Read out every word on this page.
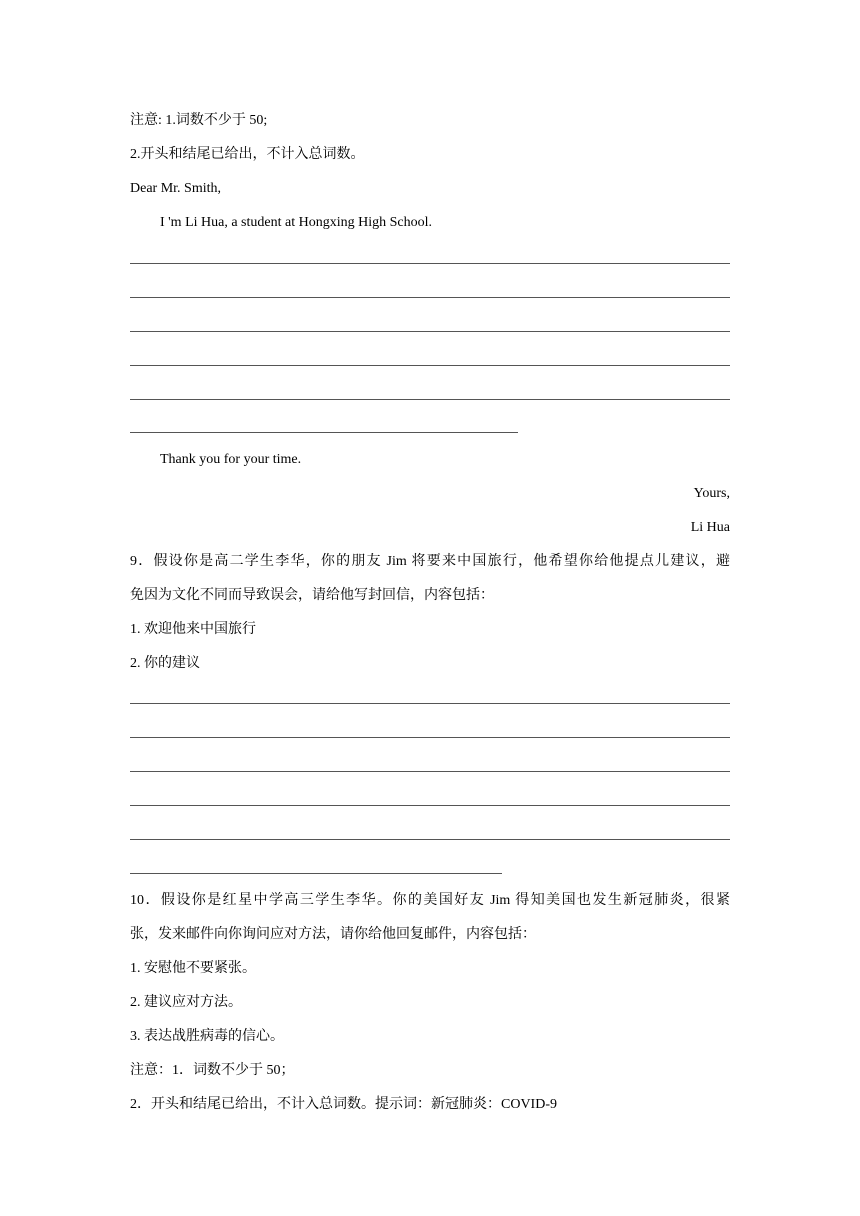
注意: 1.词数不少于 50;
2.开头和结尾已给出，不计入总词数。
Dear Mr. Smith,
I 'm Li Hua, a student at Hongxing High School.
Thank you for your time.
Yours,
Li Hua
9．假设你是高二学生李华，你的朋友 Jim 将要来中国旅行，他希望你给他提点儿建议，避
免因为文化不同而导致误会，请给他写封回信，内容包括：
1. 欢迎他来中国旅行
2. 你的建议
10．假设你是红星中学高三学生李华。你的美国好友 Jim 得知美国也发生新冠肺炎，很紧
张，发来邮件向你询问应对方法，请你给他回复邮件，内容包括：
1. 安慰他不要紧张。
2. 建议应对方法。
3. 表达战胜病毒的信心。
注意：1．词数不少于 50；
2．开头和结尾已给出，不计入总词数。提示词：新冠肺炎：COVID-9
